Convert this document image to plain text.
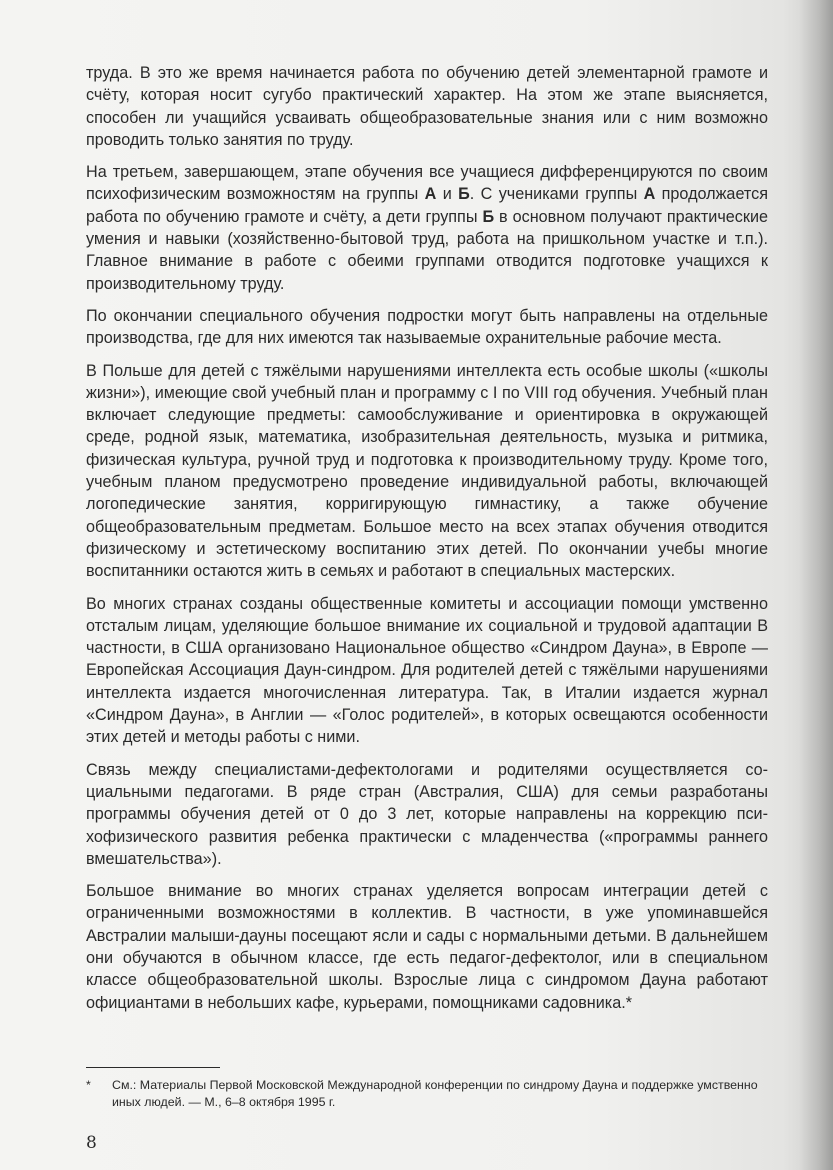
труда. В это же время начинается работа по обучению детей элементарной грамоте и счёту, которая носит сугубо практический характер. На этом же этапе выясняется, способен ли учащийся усваивать общеобразовательные знания или с ним возможно проводить только занятия по труду.

На третьем, завершающем, этапе обучения все учащиеся дифференцируются по своим психофизическим возможностям на группы А и Б. С учениками группы А продолжается работа по обучению грамоте и счёту, а дети группы Б в основном получают практические умения и навыки (хозяйственно-бытовой труд, работа на пришкольном участке и т.п.). Главное внимание в работе с обеими группами отводится подготовке учащихся к производительному труду.

По окончании специального обучения подростки могут быть направлены на отдельные производства, где для них имеются так называемые охранительные рабочие места.

В Польше для детей с тяжёлыми нарушениями интеллекта есть особые школы («школы жизни»), имеющие свой учебный план и программу с I по VIII год обучения. Учебный план включает следующие предметы: самообслуживание и ориентировка в окружающей среде, родной язык, математика, изобразительная деятельность, музыка и ритмика, физическая культура, ручной труд и подготовка к производительному труду. Кроме того, учебным планом предусмотрено проведение индивидуальной работы, включающей логопедические занятия, корригирующую гимнастику, а также обучение общеобразовательным предметам. Большое место на всех этапах обучения отводится физическому и эстетическому воспитанию этих детей. По окончании учебы многие воспитанники остаются жить в семьях и работают в специальных мастерских.

Во многих странах созданы общественные комитеты и ассоциации помощи умственно отсталым лицам, уделяющие большое внимание их социальной и трудовой адаптации В частности, в США организовано Национальное общество «Синдром Дауна», в Европе — Европейская Ассоциация Даун-синдром. Для родителей детей с тяжёлыми нарушениями интеллекта издается многочисленная литература. Так, в Италии издается журнал «Синдром Дауна», в Англии — «Голос родителей», в которых освещаются особенности этих детей и методы работы с ними.

Связь между специалистами-дефектологами и родителями осуществляется социальными педагогами. В ряде стран (Австралия, США) для семьи разработаны программы обучения детей от 0 до 3 лет, которые направлены на коррекцию психофизического развития ребенка практически с младенчества («программы раннего вмешательства»).

Большое внимание во многих странах уделяется вопросам интеграции детей с ограниченными возможностями в коллектив. В частности, в уже упоминавшейся Австралии малыши-дауны посещают ясли и сады с нормальными детьми. В дальнейшем они обучаются в обычном классе, где есть педагог-дефектолог, или в специальном классе общеобразовательной школы. Взрослые лица с синдромом Дауна работают официантами в небольших кафе, курьерами, помощниками садовника.*

*	См.: Материалы Первой Московской Международной конференции по синдрому Дауна и поддержке умственно иных людей. — М., 6–8 октября 1995 г.
8
